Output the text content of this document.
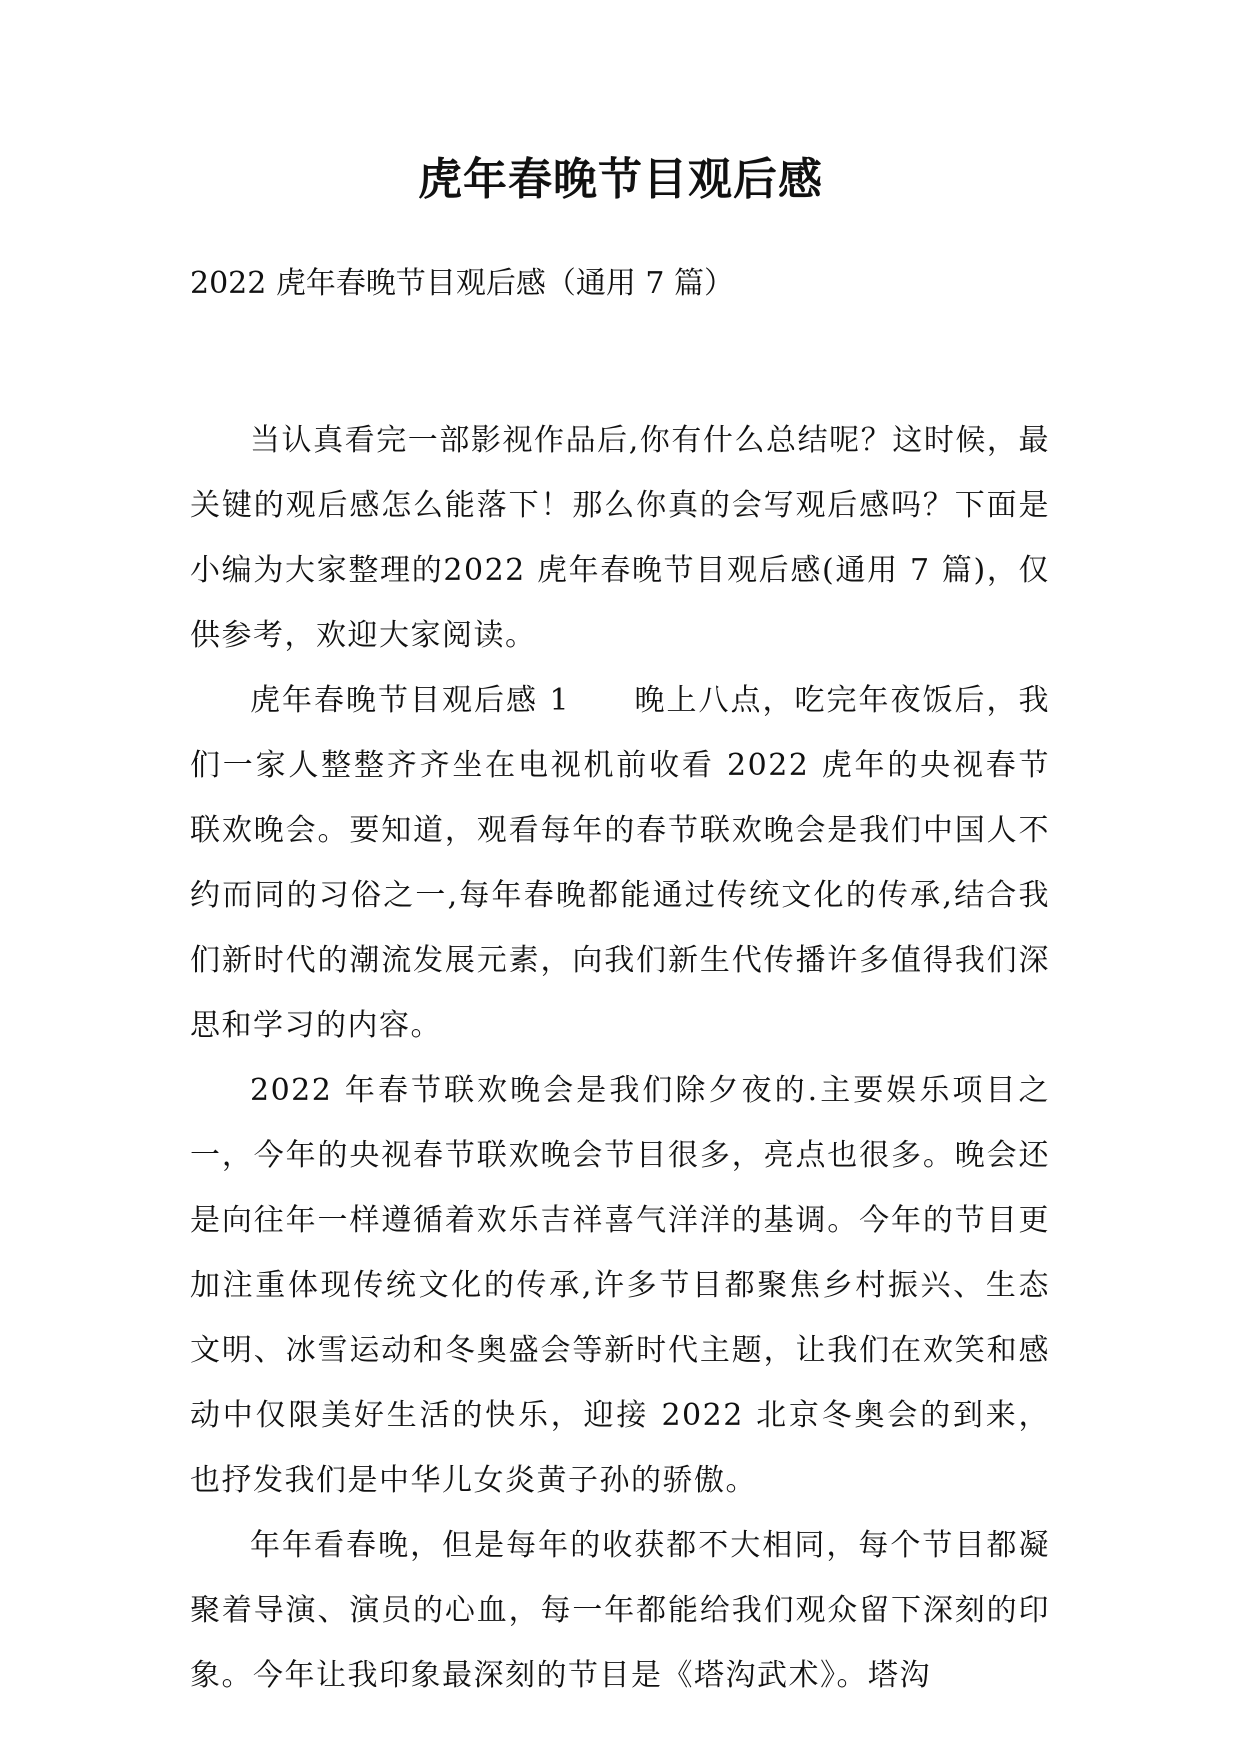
虎年春晚节目观后感

2022 虎年春晚节目观后感（通用 7 篇）

当认真看完一部影视作品后,你有什么总结呢？这时候，最关键的观后感怎么能落下！那么你真的会写观后感吗？下面是小编为大家整理的2022 虎年春晚节目观后感(通用 7 篇)，仅供参考，欢迎大家阅读。

虎年春晚节目观后感 1　　晚上八点，吃完年夜饭后，我们一家人整整齐齐坐在电视机前收看 2022 虎年的央视春节联欢晚会。要知道，观看每年的春节联欢晚会是我们中国人不约而同的习俗之一,每年春晚都能通过传统文化的传承,结合我们新时代的潮流发展元素，向我们新生代传播许多值得我们深思和学习的内容。

2022 年春节联欢晚会是我们除夕夜的.主要娱乐项目之一，今年的央视春节联欢晚会节目很多，亮点也很多。晚会还是向往年一样遵循着欢乐吉祥喜气洋洋的基调。今年的节目更加注重体现传统文化的传承,许多节目都聚焦乡村振兴、生态文明、冰雪运动和冬奥盛会等新时代主题，让我们在欢笑和感动中仅限美好生活的快乐，迎接 2022 北京冬奥会的到来，也抒发我们是中华儿女炎黄子孙的骄傲。

年年看春晚，但是每年的收获都不大相同，每个节目都凝聚着导演、演员的心血，每一年都能给我们观众留下深刻的印象。今年让我印象最深刻的节目是《塔沟武术》。塔沟
